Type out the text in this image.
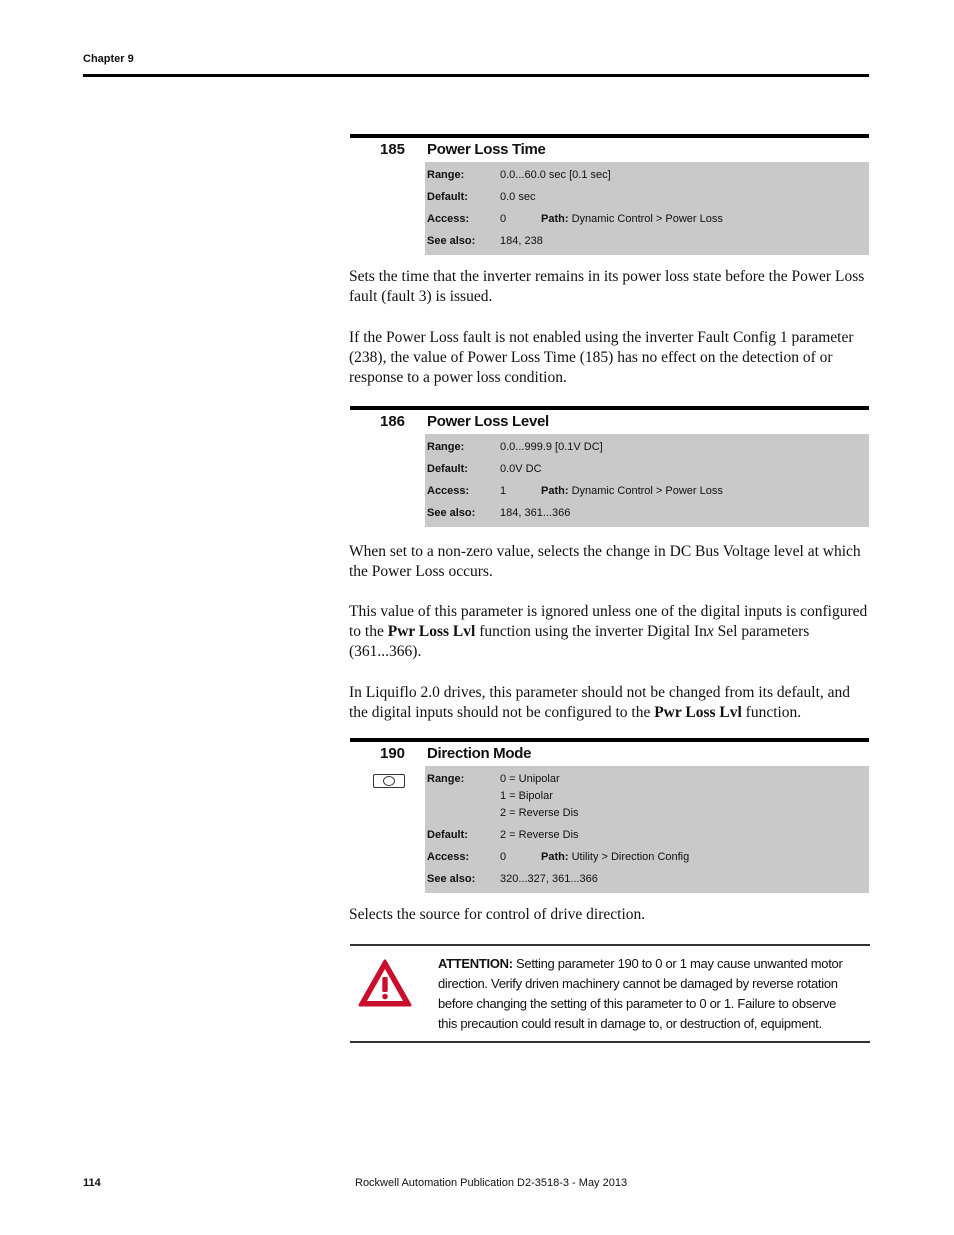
Chapter 9
185 Power Loss Time
Range:	0.0...60.0 sec [0.1 sec]
Default:	0.0 sec
Access:	0	Path: Dynamic Control > Power Loss
See also: 184, 238
Sets the time that the inverter remains in its power loss state before the Power Loss fault (fault 3) is issued.
If the Power Loss fault is not enabled using the inverter Fault Config 1 parameter (238), the value of Power Loss Time (185) has no effect on the detection of or response to a power loss condition.
186 Power Loss Level
Range:	0.0...999.9 [0.1V DC]
Default:	0.0V DC
Access:	1	Path: Dynamic Control > Power Loss
See also: 184, 361...366
When set to a non-zero value, selects the change in DC Bus Voltage level at which the Power Loss occurs.
This value of this parameter is ignored unless one of the digital inputs is configured to the Pwr Loss Lvl function using the inverter Digital Inx Sel parameters (361...366).
In Liquiflo 2.0 drives, this parameter should not be changed from its default, and the digital inputs should not be configured to the Pwr Loss Lvl function.
190 Direction Mode
Range:	0 = Unipolar
1 = Bipolar
2 = Reverse Dis
Default:	2 = Reverse Dis
Access:	0	Path: Utility > Direction Config
See also: 320...327, 361...366
Selects the source for control of drive direction.
ATTENTION: Setting parameter 190 to 0 or 1 may cause unwanted motor direction. Verify driven machinery cannot be damaged by reverse rotation before changing the setting of this parameter to 0 or 1. Failure to observe this precaution could result in damage to, or destruction of, equipment.
114	Rockwell Automation Publication D2-3518-3 - May 2013
